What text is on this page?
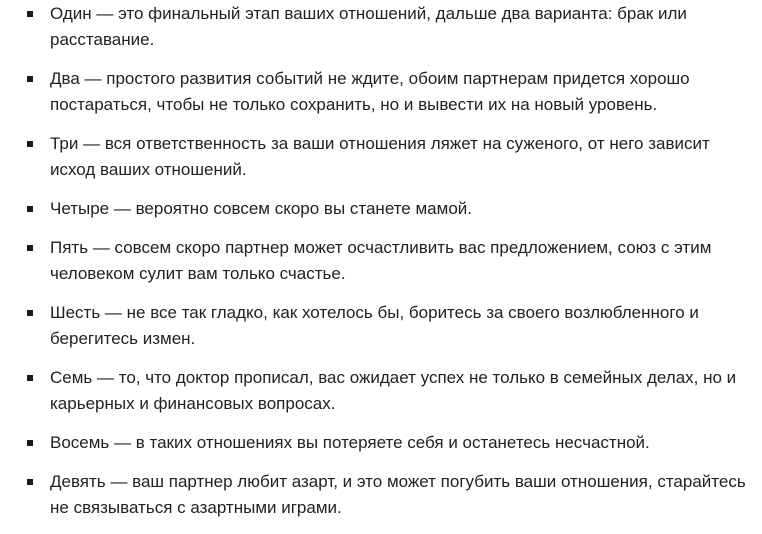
Один — это финальный этап ваших отношений, дальше два варианта: брак или расставание.
Два — простого развития событий не ждите, обоим партнерам придется хорошо постараться, чтобы не только сохранить, но и вывести их на новый уровень.
Три — вся ответственность за ваши отношения ляжет на суженого, от него зависит исход ваших отношений.
Четыре — вероятно совсем скоро вы станете мамой.
Пять — совсем скоро партнер может осчастливить вас предложением, союз с этим человеком сулит вам только счастье.
Шесть — не все так гладко, как хотелось бы, боритесь за своего возлюбленного и берегитесь измен.
Семь — то, что доктор прописал, вас ожидает успех не только в семейных делах, но и карьерных и финансовых вопросах.
Восемь — в таких отношениях вы потеряете себя и останетесь несчастной.
Девять — ваш партнер любит азарт, и это может погубить ваши отношения, старайтесь не связываться с азартными играми.
